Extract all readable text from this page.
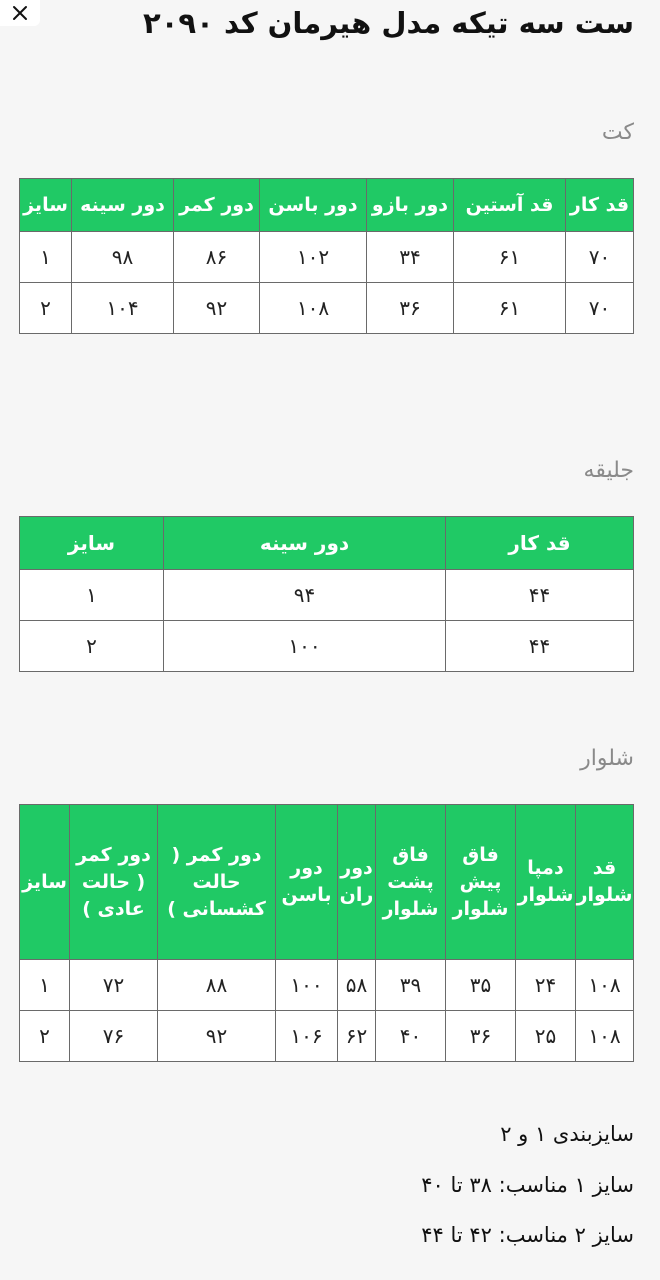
ست سه تیکه مدل هیرمان کد ۲۰۹۰
کت
قد کار	قد آستین	دور بازو	دور باسن	دور کمر	دور سینه	سایز
۷۰	۶۱	۳۴	۱۰۲	۸۶	۹۸	۱
۷۰	۶۱	۳۶	۱۰۸	۹۲	۱۰۴	۲
جلیقه
قد کار	دور سینه	سایز
۴۴	۹۴	۱
۴۴	۱۰۰	۲
شلوار
قد شلوار	دمپا شلوار	فاق پیش شلوار	فاق پشت شلوار	دور ران	دور باسن	دور کمر ( حالت کشسانی )	دور کمر ( حالت عادی )	سایز
۱۰۸	۲۴	۳۵	۳۹	۵۸	۱۰۰	۸۸	۷۲	۱
۱۰۸	۲۵	۳۶	۴۰	۶۲	۱۰۶	۹۲	۷۶	۲

سایزبندی ۱ و ۲

سایز ۱ مناسب: ۳۸ تا ۴۰

سایز ۲ مناسب: ۴۲ تا ۴۴
